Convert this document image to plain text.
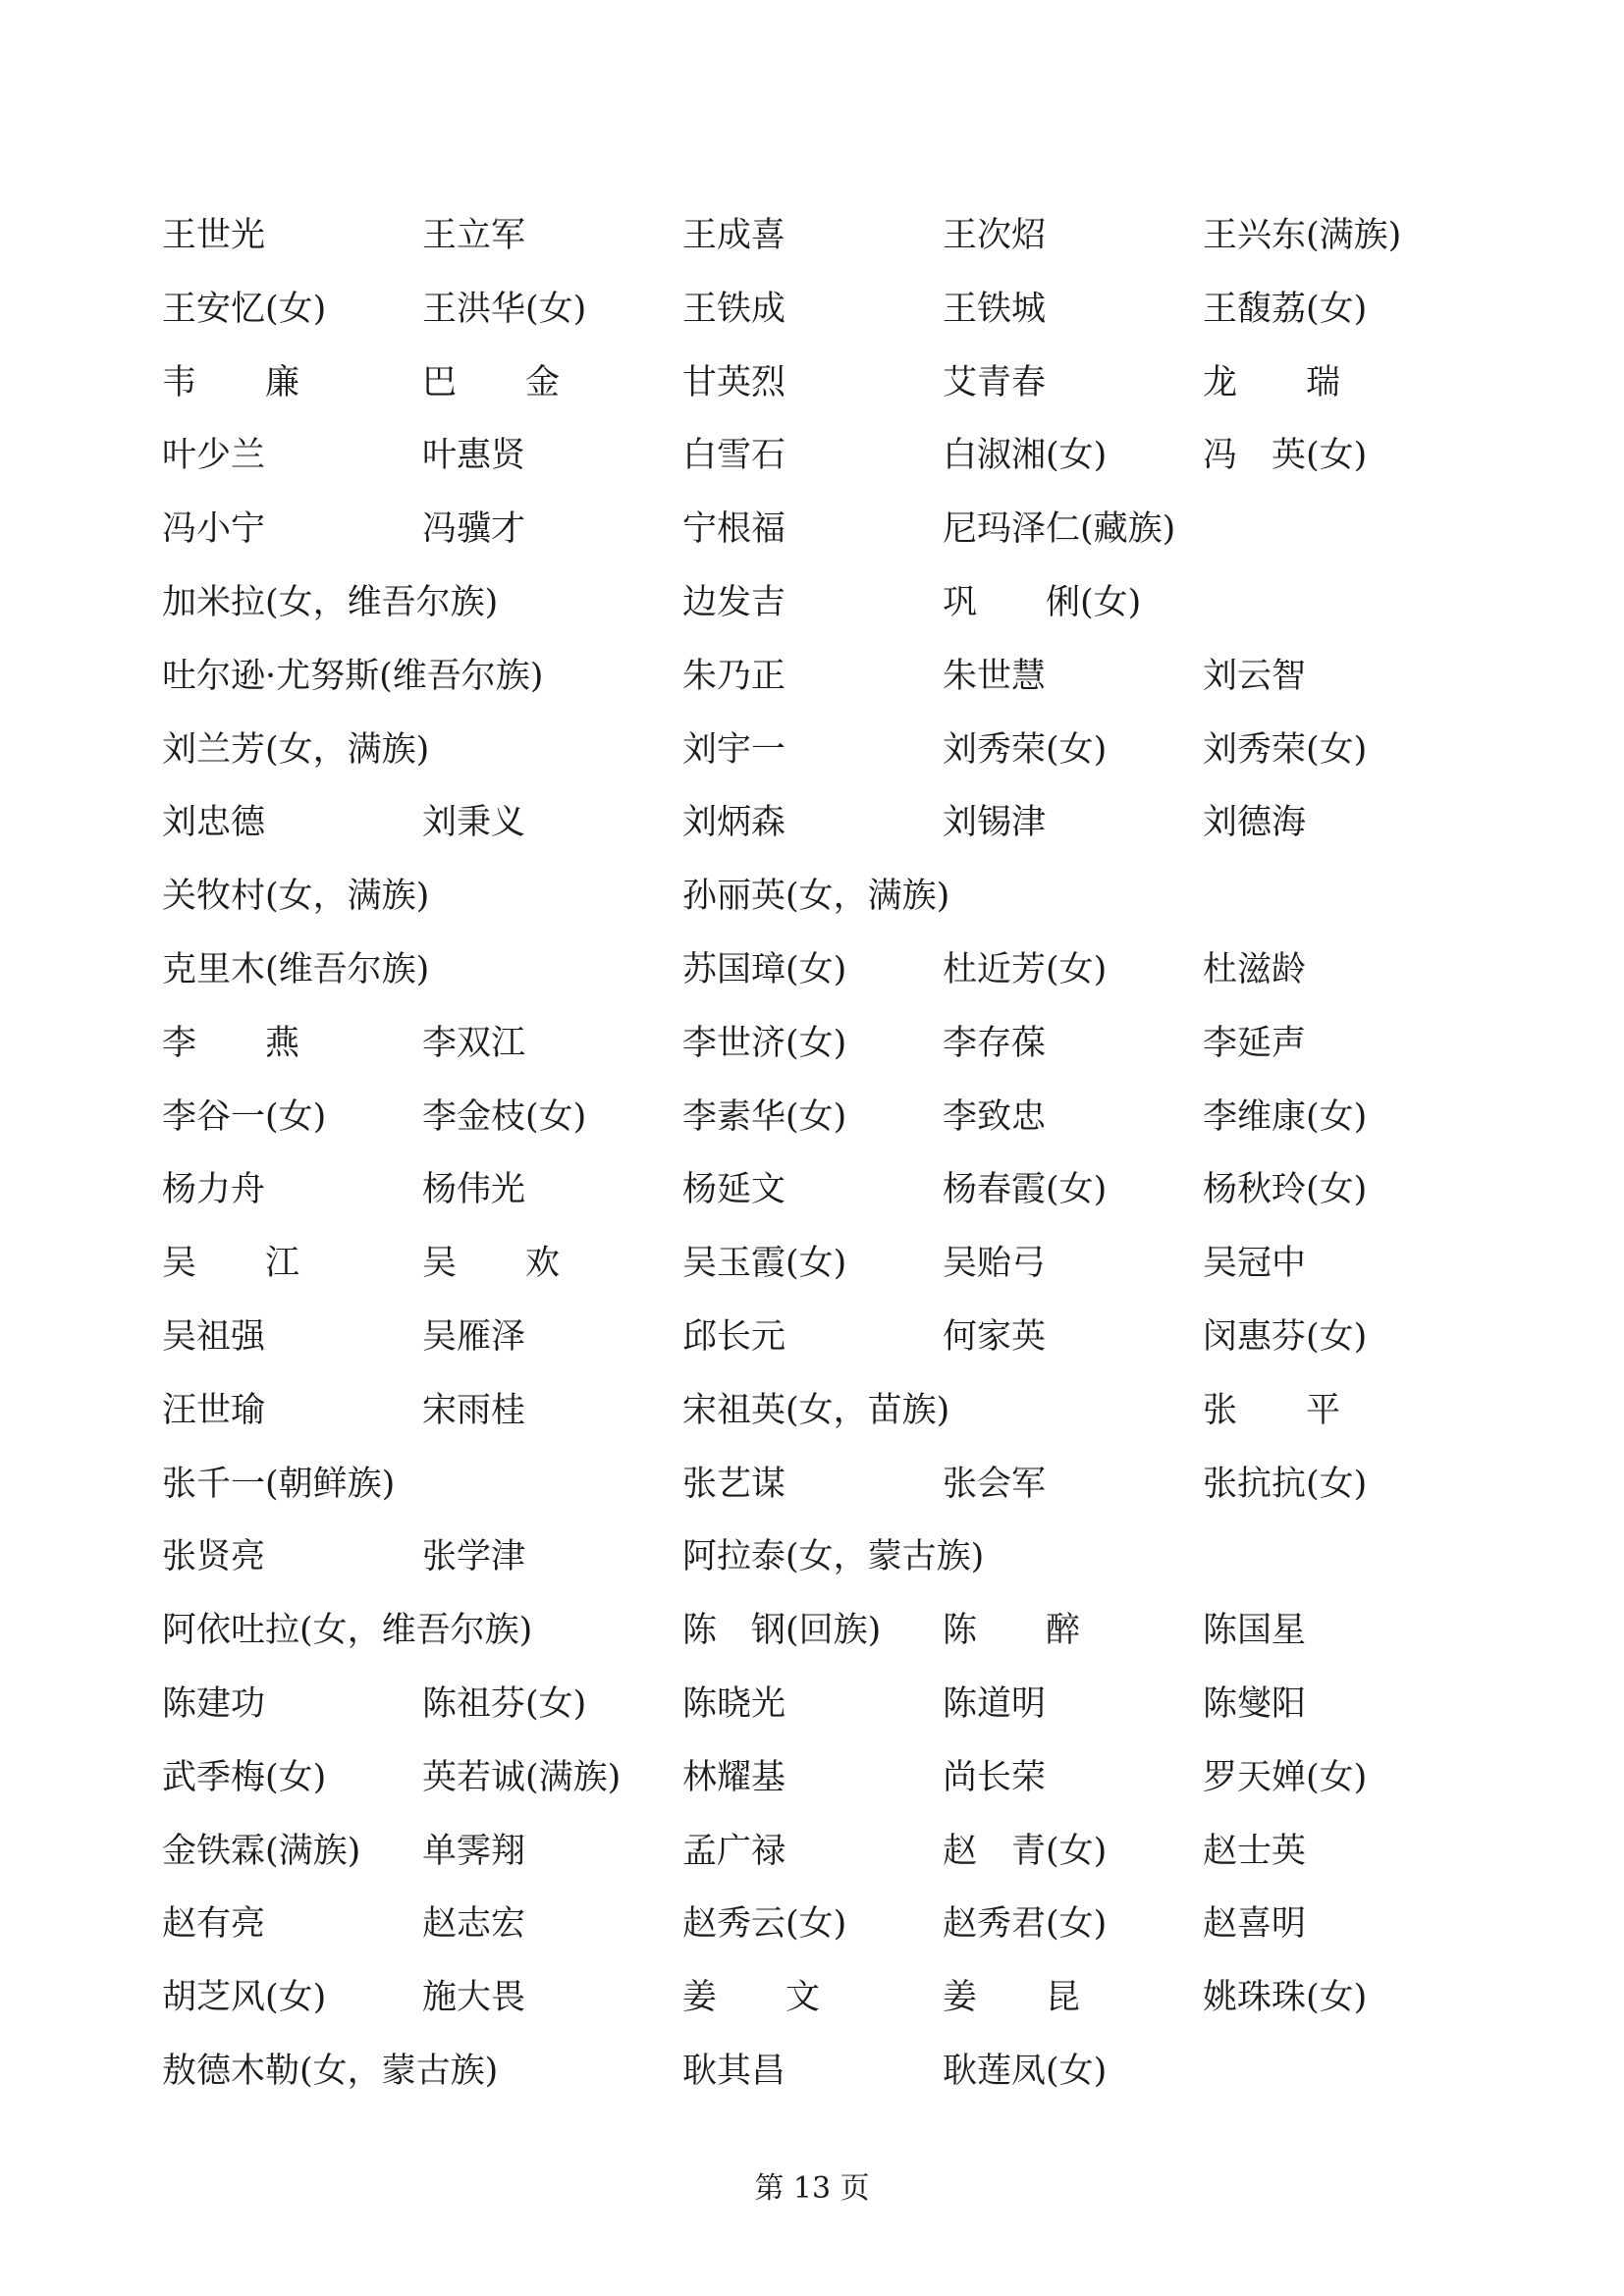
王世光	王立军	王成喜	王次炤	王兴东(满族)
王安忆(女)	王洪华(女)	王铁成	王铁城	王馥荔(女)
韦　　廉	巴　　金	甘英烈	艾青春	龙　　瑞
叶少兰	叶惠贤	白雪石	白淑湘(女)	冯　英(女)
冯小宁	冯骥才	宁根福	尼玛泽仁(藏族)
加米拉(女，维吾尔族)	边发吉	巩　　俐(女)
吐尔逊·尤努斯(维吾尔族)	朱乃正	朱世慧	刘云智
刘兰芳(女，满族)	刘宇一	刘秀荣(女)	刘秀荣(女)
刘忠德	刘秉义	刘炳森	刘锡津	刘德海
关牧村(女，满族)	孙丽英(女，满族)
克里木(维吾尔族)	苏国璋(女)	杜近芳(女)	杜滋龄
李　　燕	李双江	李世济(女)	李存葆	李延声
李谷一(女)	李金枝(女)	李素华(女)	李致忠	李维康(女)
杨力舟	杨伟光	杨延文	杨春霞(女)	杨秋玲(女)
吴　　江	吴　　欢	吴玉霞(女)	吴贻弓	吴冠中
吴祖强	吴雁泽	邱长元	何家英	闵惠芬(女)
汪世瑜	宋雨桂	宋祖英(女，苗族)	张　　平
张千一(朝鲜族)	张艺谋	张会军	张抗抗(女)
张贤亮	张学津	阿拉泰(女，蒙古族)
阿依吐拉(女，维吾尔族)	陈　钢(回族) 陈　　醉	陈国星
陈建功	陈祖芬(女)	陈晓光	陈道明	陈燮阳
武季梅(女)	英若诚(满族) 林耀基	尚长荣	罗天婵(女)
金铁霖(满族) 单霁翔	孟广禄	赵　青(女)	赵士英
赵有亮	赵志宏	赵秀云(女)	赵秀君(女)	赵喜明
胡芝风(女)	施大畏	姜　　文	姜　　昆	姚珠珠(女)
敖德木勒(女，蒙古族)	耿其昌	耿莲凤(女)
第 13 页
